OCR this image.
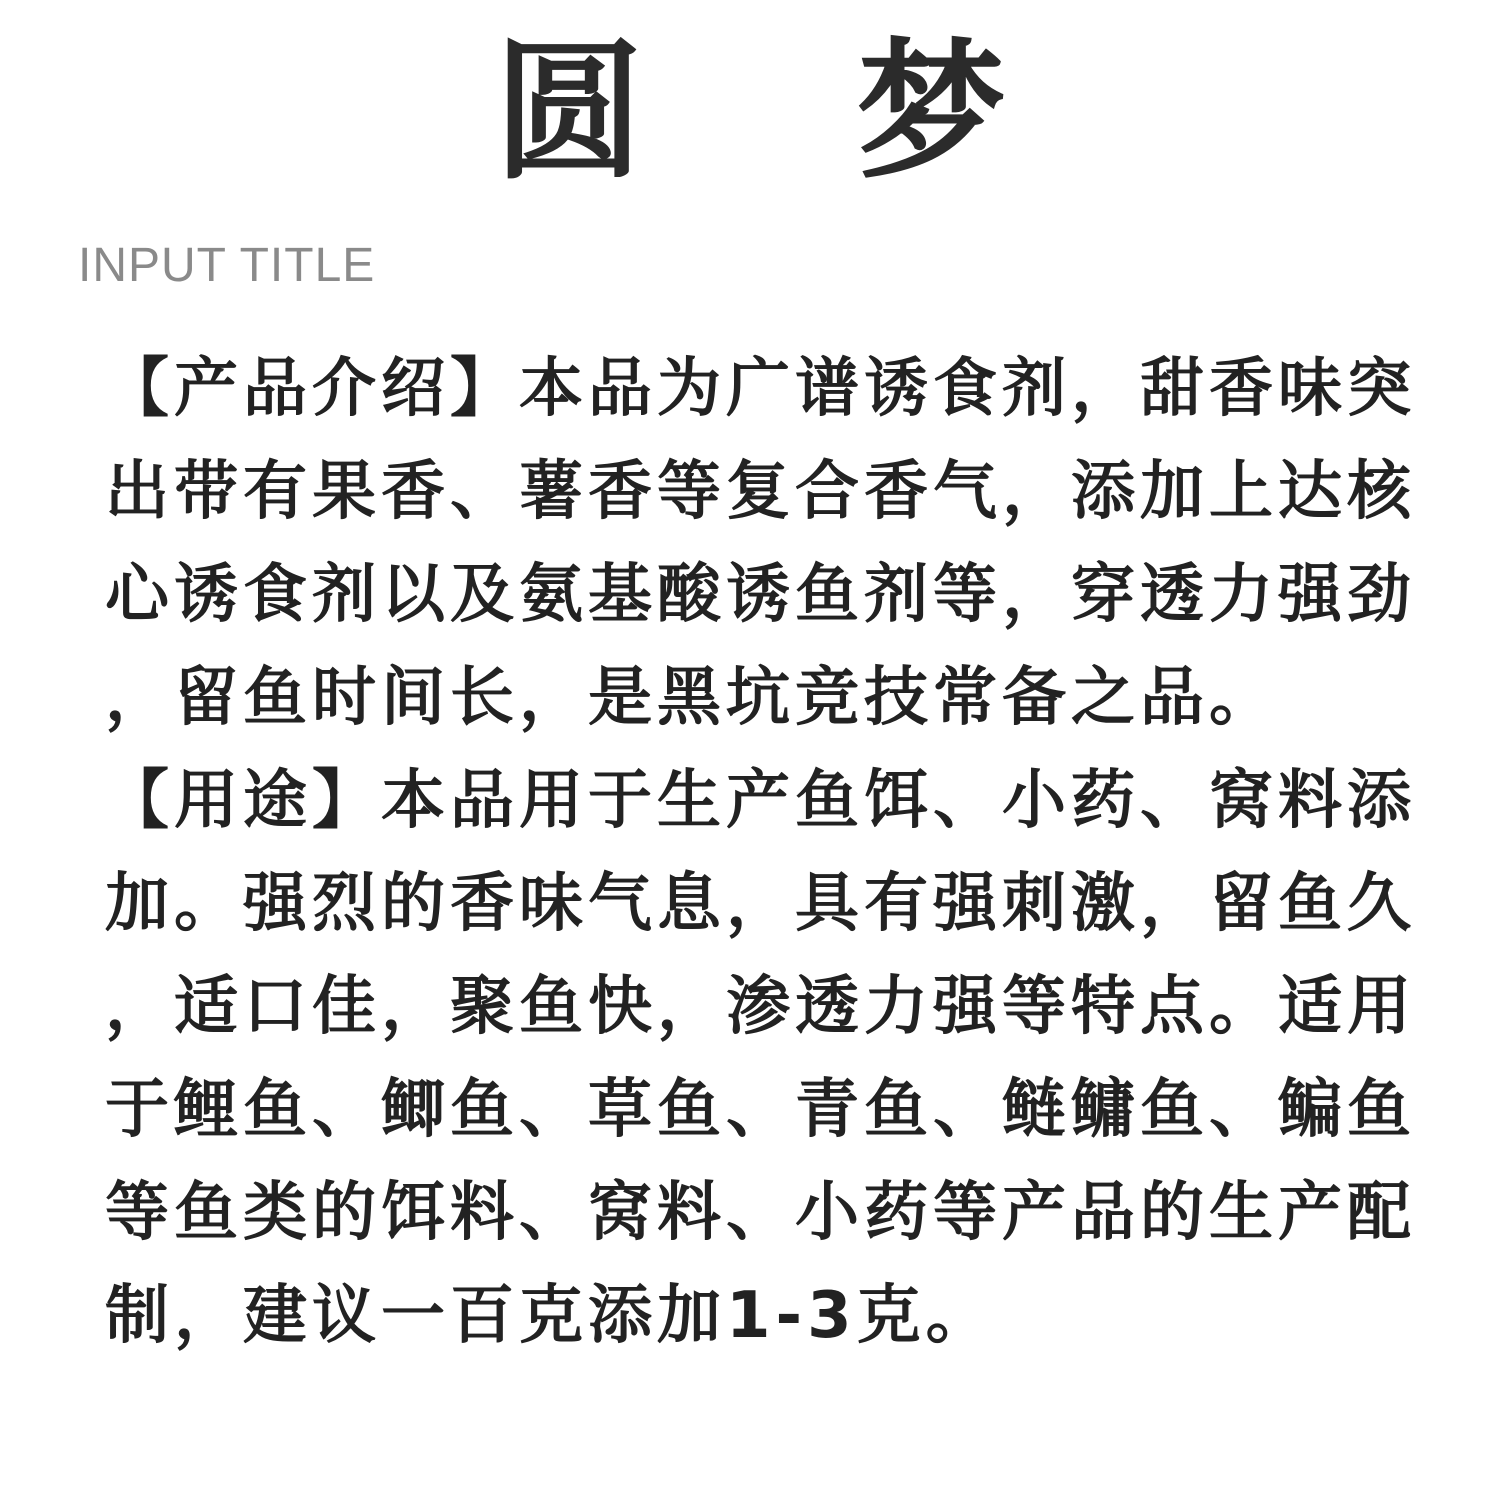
圆 梦
INPUT TITLE
【产品介绍】本品为广谱诱食剂，甜香味突
出带有果香、薯香等复合香气，添加上达核
心诱食剂以及氨基酸诱鱼剂等，穿透力强劲
，留鱼时间长，是黑坑竞技常备之品。
【用途】本品用于生产鱼饵、小药、窝料添
加。强烈的香味气息，具有强刺激，留鱼久
，适口佳，聚鱼快，渗透力强等特点。适用
于鲤鱼、鲫鱼、草鱼、青鱼、鲢鳙鱼、鳊鱼
等鱼类的饵料、窝料、小药等产品的生产配
制，建议一百克添加1-3克。
